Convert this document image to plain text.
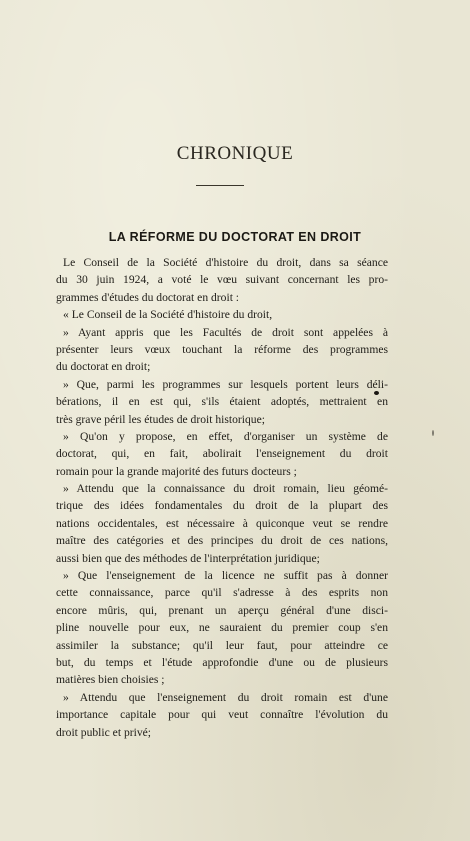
CHRONIQUE
LA RÉFORME DU DOCTORAT EN DROIT
Le Conseil de la Société d'histoire du droit, dans sa séance
du 30 juin 1924, a voté le vœu suivant concernant les pro-
grammes d'études du doctorat en droit :
« Le Conseil de la Société d'histoire du droit,
» Ayant appris que les Facultés de droit sont appelées à
présenter leurs vœux touchant la réforme des programmes
du doctorat en droit;
» Que, parmi les programmes sur lesquels portent leurs déli-
bérations, il en est qui, s'ils étaient adoptés, mettraient en
très grave péril les études de droit historique;
» Qu'on y propose, en effet, d'organiser un système de
doctorat, qui, en fait, abolirait l'enseignement du droit
romain pour la grande majorité des futurs docteurs ;
» Attendu que la connaissance du droit romain, lieu géomé-
trique des idées fondamentales du droit de la plupart des
nations occidentales, est nécessaire à quiconque veut se rendre
maître des catégories et des principes du droit de ces nations,
aussi bien que des méthodes de l'interprétation juridique;
» Que l'enseignement de la licence ne suffit pas à donner
cette connaissance, parce qu'il s'adresse à des esprits non
encore mûris, qui, prenant un aperçu général d'une disci-
pline nouvelle pour eux, ne sauraient du premier coup s'en
assimiler la substance; qu'il leur faut, pour atteindre ce
but, du temps et l'étude approfondie d'une ou de plusieurs
matières bien choisies ;
» Attendu que l'enseignement du droit romain est d'une
importance capitale pour qui veut connaître l'évolution du
droit public et privé;
